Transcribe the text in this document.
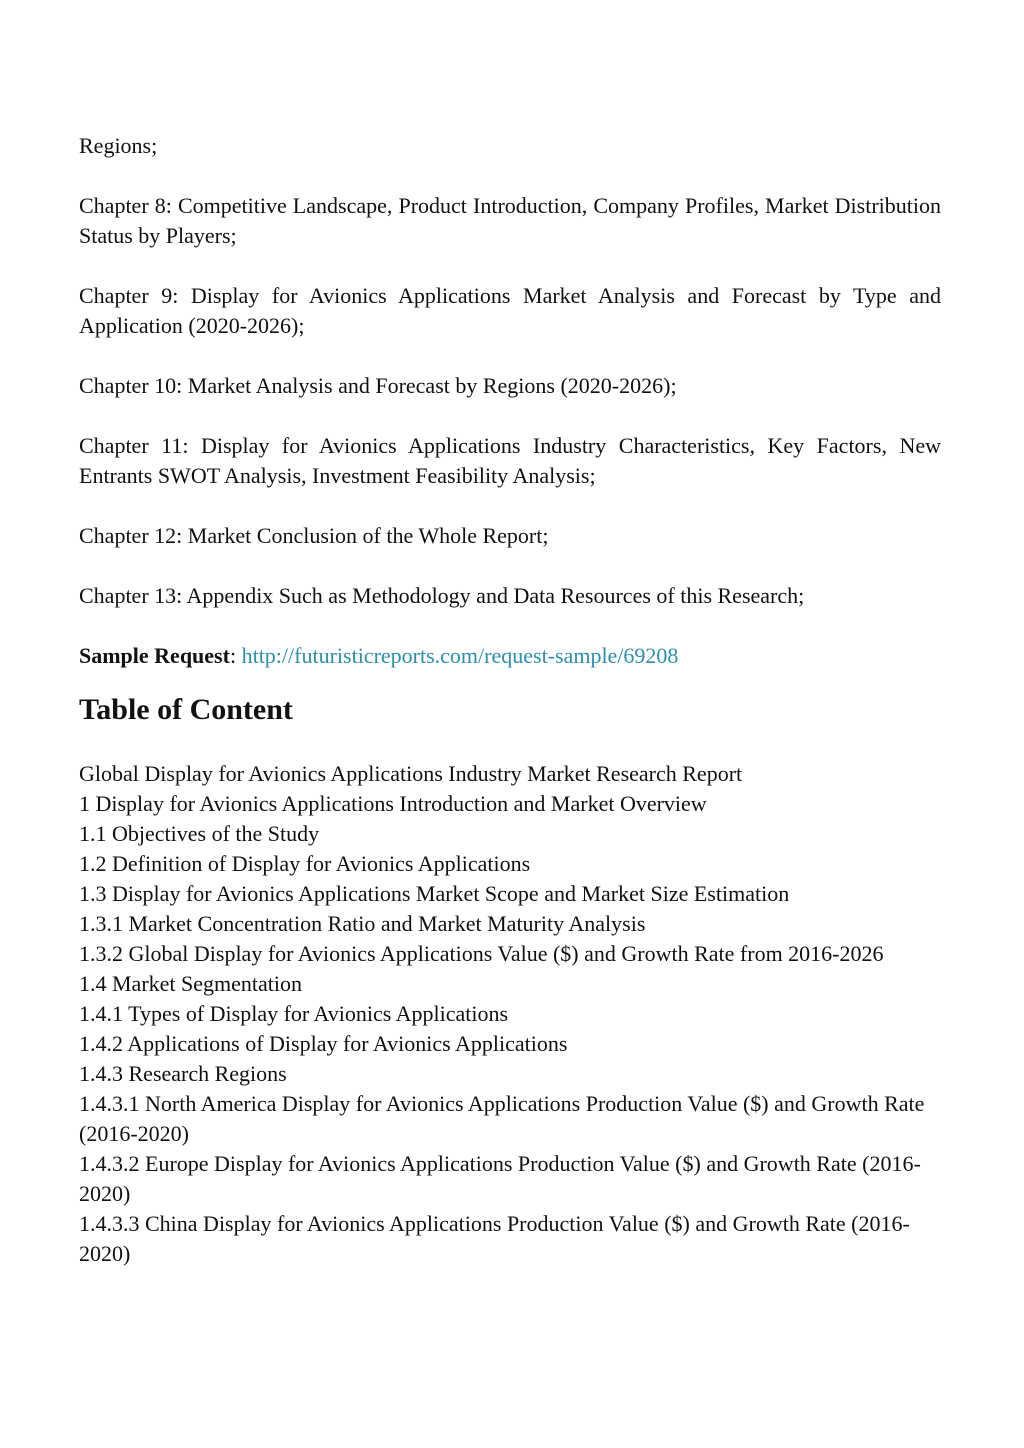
Regions;

Chapter 8: Competitive Landscape, Product Introduction, Company Profiles, Market Distribution Status by Players;

Chapter 9: Display for Avionics Applications Market Analysis and Forecast by Type and Application (2020-2026);

Chapter 10: Market Analysis and Forecast by Regions (2020-2026);

Chapter 11: Display for Avionics Applications Industry Characteristics, Key Factors, New Entrants SWOT Analysis, Investment Feasibility Analysis;

Chapter 12: Market Conclusion of the Whole Report;

Chapter 13: Appendix Such as Methodology and Data Resources of this Research;

Sample Request: http://futuristicreports.com/request-sample/69208

Table of Content
Global Display for Avionics Applications Industry Market Research Report
1 Display for Avionics Applications Introduction and Market Overview
1.1 Objectives of the Study
1.2 Definition of Display for Avionics Applications
1.3 Display for Avionics Applications Market Scope and Market Size Estimation
1.3.1 Market Concentration Ratio and Market Maturity Analysis
1.3.2 Global Display for Avionics Applications Value ($) and Growth Rate from 2016-2026
1.4 Market Segmentation
1.4.1 Types of Display for Avionics Applications
1.4.2 Applications of Display for Avionics Applications
1.4.3 Research Regions
1.4.3.1 North America Display for Avionics Applications Production Value ($) and Growth Rate (2016-2020)
1.4.3.2 Europe Display for Avionics Applications Production Value ($) and Growth Rate (2016-2020)
1.4.3.3 China Display for Avionics Applications Production Value ($) and Growth Rate (2016-2020)
